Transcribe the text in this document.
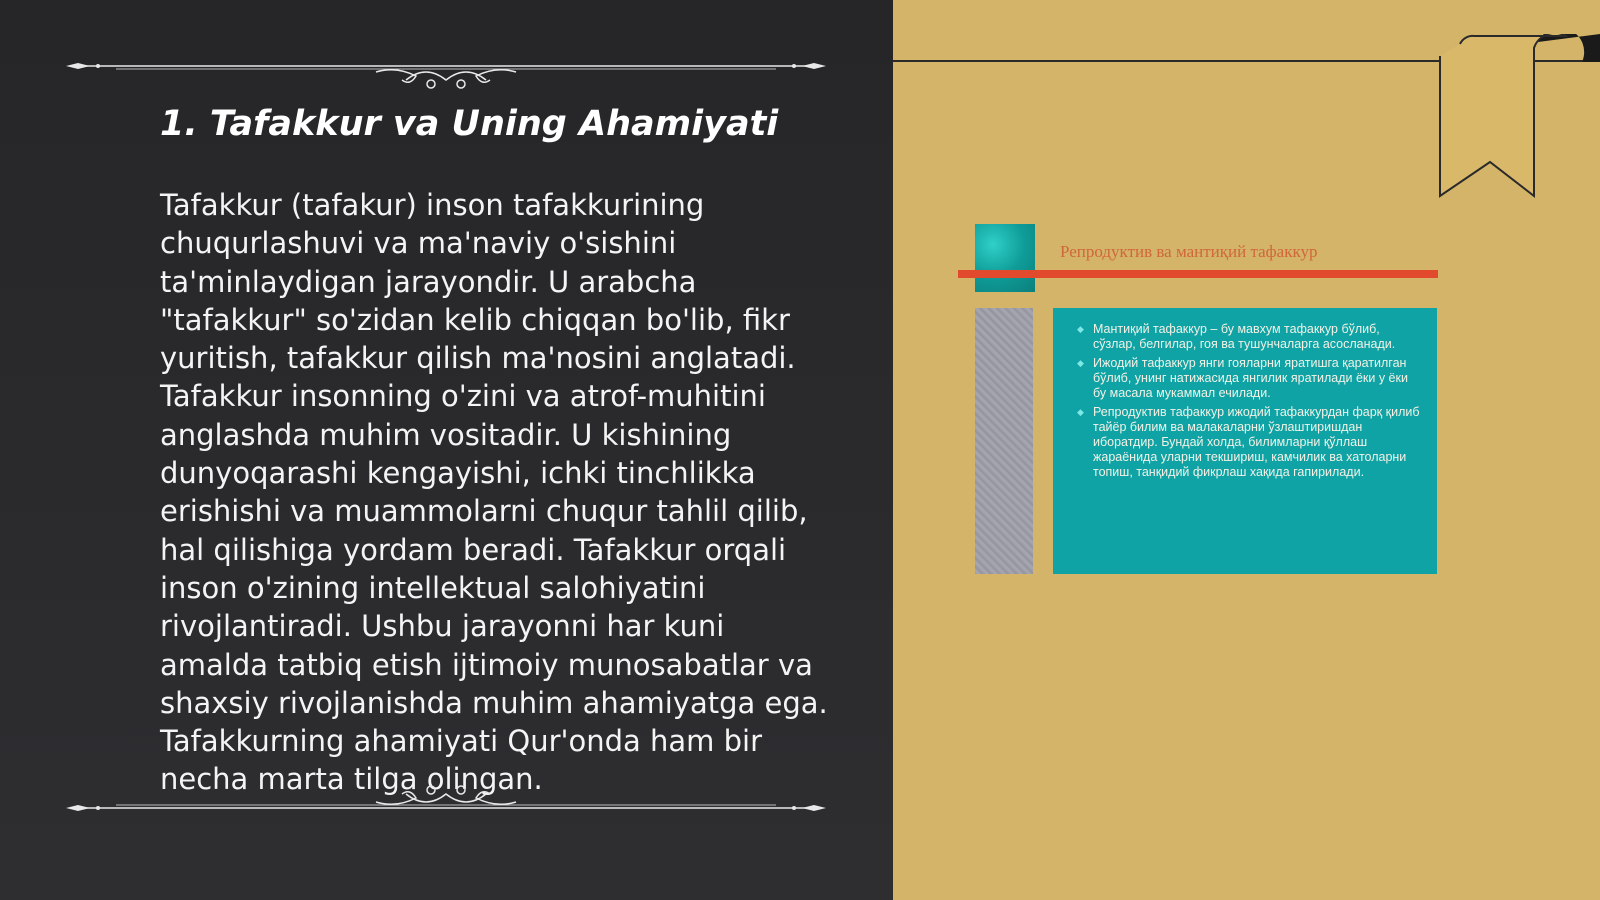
1. Tafakkur va Uning Ahamiyati

Tafakkur (tafakur) inson tafakkurining chuqurlashuvi va ma'naviy o'sishini ta'minlaydigan jarayondir. U arabcha "tafakkur" so'zidan kelib chiqqan bo'lib, fikr yuritish, tafakkur qilish ma'nosini anglatadi. Tafakkur insonning o'zini va atrof-muhitini anglashda muhim vositadir. U kishining dunyoqarashi kengayishi, ichki tinchlikka erishishi va muammolarni chuqur tahlil qilib, hal qilishiga yordam beradi. Tafakkur orqali inson o'zining intellektual salohiyatini rivojlantiradi. Ushbu jarayonni har kuni amalda tatbiq etish ijtimoiy munosabatlar va shaxsiy rivojlanishda muhim ahamiyatga ega. Tafakkurning ahamiyati Qur'onda ham bir necha marta tilga olingan.

Репродуктив ва мантиқий тафаккур
◆ Мантиқий тафаккур – бу мавхум тафаккур бўлиб, сўзлар, белгилар, гоя ва тушунчаларга асосланади.
◆ Ижодий тафаккур янги гояларни яратишга қаратилган бўлиб, унинг натижасида янгилик яратилади ёки у ёки бу масала мукаммал ечилади.
◆ Репродуктив тафаккур ижодий тафаккурдан фарқ қилиб тайёр билим ва малакаларни ўзлаштиришдан иборатдир. Бундай холда, билимларни қўллаш жараёнида уларни текшириш, камчилик ва хатоларни топиш, танқидий фикрлаш хақида гапирилади.
